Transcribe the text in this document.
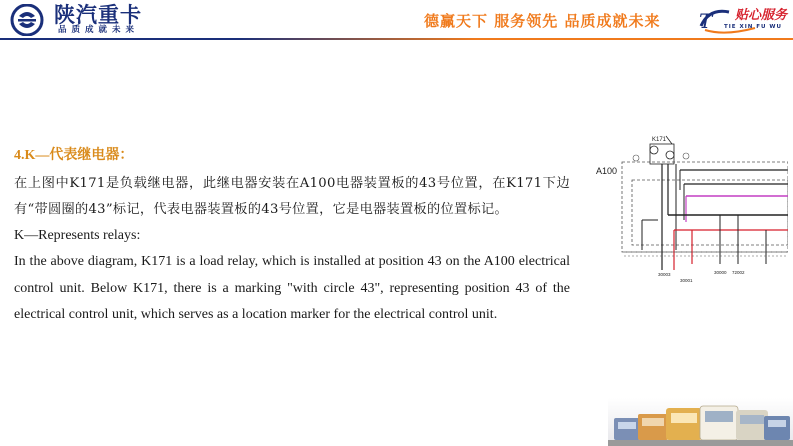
陕汽重卡
品质成就未来	德赢天下 服务领先 品质成就未来 T 贴心服务
TIE XIN FU WU

4.K—代表继电器：

在上图中K171是负载继电器，此继电器安装在A100电器装置板的43号位置，在K171下边有“带圆圈的43”标记，代表电器装置板的43号位置，它是电器装置板的位置标记。

K—Represents relays:

In the above diagram, K171 is a load relay, which is installed at position 43 on the A100 electrical control unit. Below K171, there is a marking "with circle 43", representing position 43 of the electrical control unit, which serves as a location marker for the electrical control unit.

A100
K171
30000 72002
30001
30003
